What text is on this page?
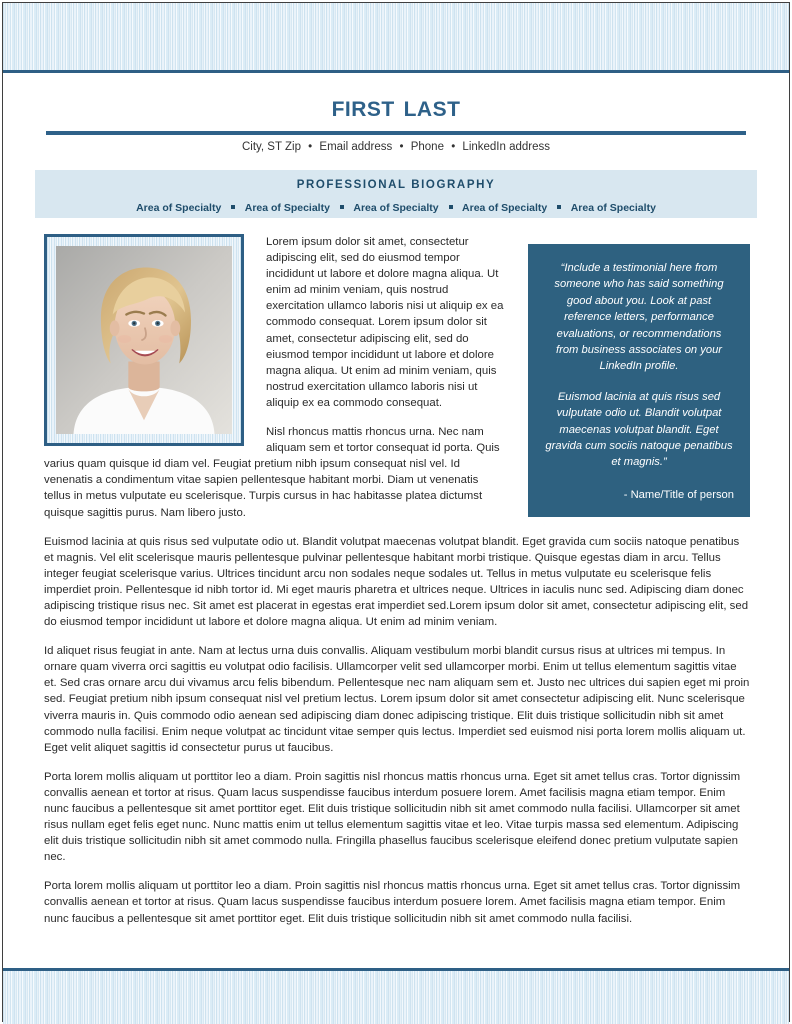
first last
City, ST Zip • Email address • Phone • LinkedIn address
PROFESSIONAL BIOGRAPHY
Area of Specialty Area of Specialty Area of Specialty Area of Specialty Area of Specialty

“Include a testimonial here from someone who has said something good about you. Look at past reference letters, performance evaluations, or recommendations from business associates on your LinkedIn profile.

Euismod lacinia at quis risus sed vulputate odio ut. Blandit volutpat maecenas volutpat blandit. Eget gravida cum sociis natoque penatibus et magnis.”

- Name/Title of person

Lorem ipsum dolor sit amet, consectetur adipiscing elit, sed do eiusmod tempor incididunt ut labore et dolore magna aliqua. Ut enim ad minim veniam, quis nostrud exercitation ullamco laboris nisi ut aliquip ex ea commodo consequat. Lorem ipsum dolor sit amet, consectetur adipiscing elit, sed do eiusmod tempor incididunt ut labore et dolore magna aliqua. Ut enim ad minim veniam, quis nostrud exercitation ullamco laboris nisi ut aliquip ex ea commodo consequat.

Nisl rhoncus mattis rhoncus urna. Nec nam aliquam sem et tortor consequat id porta. Quis varius quam quisque id diam vel. Feugiat pretium nibh ipsum consequat nisl vel. Id venenatis a condimentum vitae sapien pellentesque habitant morbi. Diam ut venenatis tellus in metus vulputate eu scelerisque. Turpis cursus in hac habitasse platea dictumst quisque sagittis purus. Nam libero justo.

Euismod lacinia at quis risus sed vulputate odio ut. Blandit volutpat maecenas volutpat blandit. Eget gravida cum sociis natoque penatibus et magnis. Vel elit scelerisque mauris pellentesque pulvinar pellentesque habitant morbi tristique. Quisque egestas diam in arcu. Tellus integer feugiat scelerisque varius. Ultrices tincidunt arcu non sodales neque sodales ut. Tellus in metus vulputate eu scelerisque felis imperdiet proin. Pellentesque id nibh tortor id. Mi eget mauris pharetra et ultrices neque. Ultrices in iaculis nunc sed. Adipiscing diam donec adipiscing tristique risus nec. Sit amet est placerat in egestas erat imperdiet sed.Lorem ipsum dolor sit amet, consectetur adipiscing elit, sed do eiusmod tempor incididunt ut labore et dolore magna aliqua. Ut enim ad minim veniam.

Id aliquet risus feugiat in ante. Nam at lectus urna duis convallis. Aliquam vestibulum morbi blandit cursus risus at ultrices mi tempus. In ornare quam viverra orci sagittis eu volutpat odio facilisis. Ullamcorper velit sed ullamcorper morbi. Enim ut tellus elementum sagittis vitae et. Sed cras ornare arcu dui vivamus arcu felis bibendum. Pellentesque nec nam aliquam sem et. Justo nec ultrices dui sapien eget mi proin sed. Feugiat pretium nibh ipsum consequat nisl vel pretium lectus. Lorem ipsum dolor sit amet consectetur adipiscing elit. Nunc scelerisque viverra mauris in. Quis commodo odio aenean sed adipiscing diam donec adipiscing tristique. Elit duis tristique sollicitudin nibh sit amet commodo nulla facilisi. Enim neque volutpat ac tincidunt vitae semper quis lectus. Imperdiet sed euismod nisi porta lorem mollis aliquam ut. Eget velit aliquet sagittis id consectetur purus ut faucibus.

Porta lorem mollis aliquam ut porttitor leo a diam. Proin sagittis nisl rhoncus mattis rhoncus urna. Eget sit amet tellus cras. Tortor dignissim convallis aenean et tortor at risus. Quam lacus suspendisse faucibus interdum posuere lorem. Amet facilisis magna etiam tempor. Enim nunc faucibus a pellentesque sit amet porttitor eget. Elit duis tristique sollicitudin nibh sit amet commodo nulla facilisi. Ullamcorper sit amet risus nullam eget felis eget nunc. Nunc mattis enim ut tellus elementum sagittis vitae et leo. Vitae turpis massa sed elementum. Adipiscing elit duis tristique sollicitudin nibh sit amet commodo nulla. Fringilla phasellus faucibus scelerisque eleifend donec pretium vulputate sapien nec.

Porta lorem mollis aliquam ut porttitor leo a diam. Proin sagittis nisl rhoncus mattis rhoncus urna. Eget sit amet tellus cras. Tortor dignissim convallis aenean et tortor at risus. Quam lacus suspendisse faucibus interdum posuere lorem. Amet facilisis magna etiam tempor. Enim nunc faucibus a pellentesque sit amet porttitor eget. Elit duis tristique sollicitudin nibh sit amet commodo nulla facilisi.
